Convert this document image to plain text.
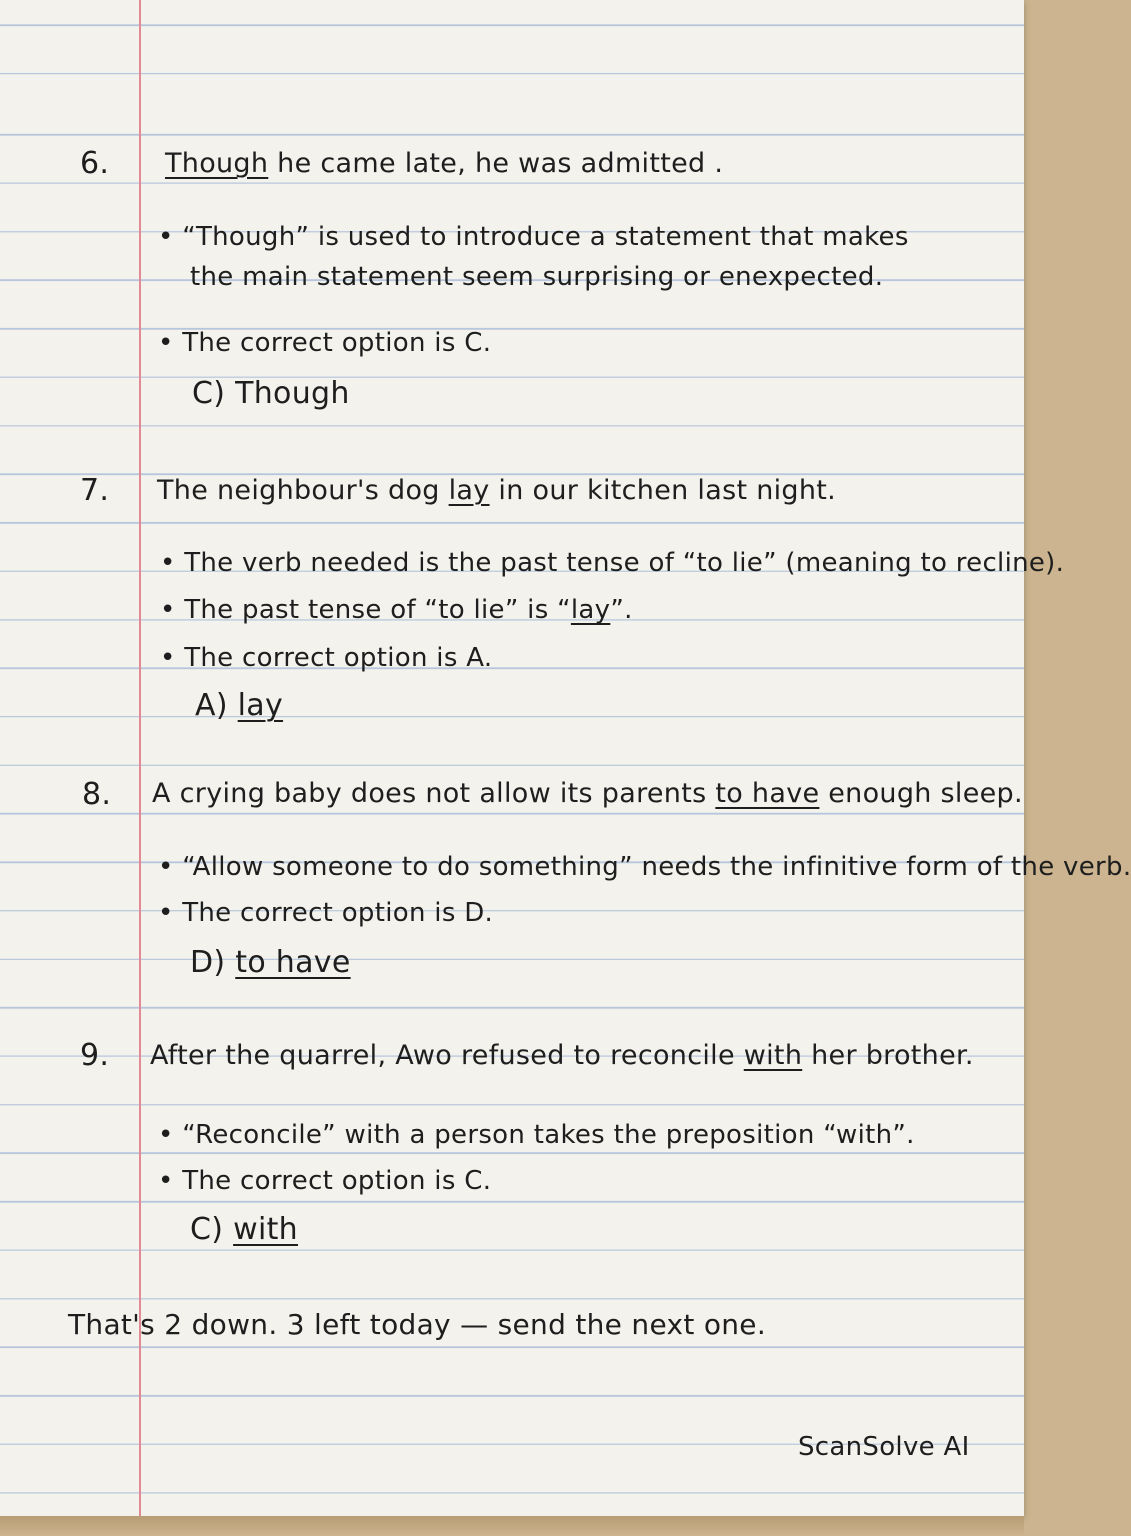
6. Though he came late, he was admitted .
• “Though” is used to introduce a statement that makes
the main statement seem surprising or enexpected.
• The correct option is C.
C) Though
7. The neighbour's dog lay in our kitchen last night.
• The verb needed is the past tense of “to lie” (meaning to recline).
• The past tense of “to lie” is “lay”.
• The correct option is A.
A) lay
8. A crying baby does not allow its parents to have enough sleep.
• “Allow someone to do something” needs the infinitive form of the verb.
• The correct option is D.
D) to have
9. After the quarrel, Awo refused to reconcile with her brother.
• “Reconcile” with a person takes the preposition “with”.
• The correct option is C.
C) with
That's 2 down. 3 left today — send the next one.
ScanSolve AI
